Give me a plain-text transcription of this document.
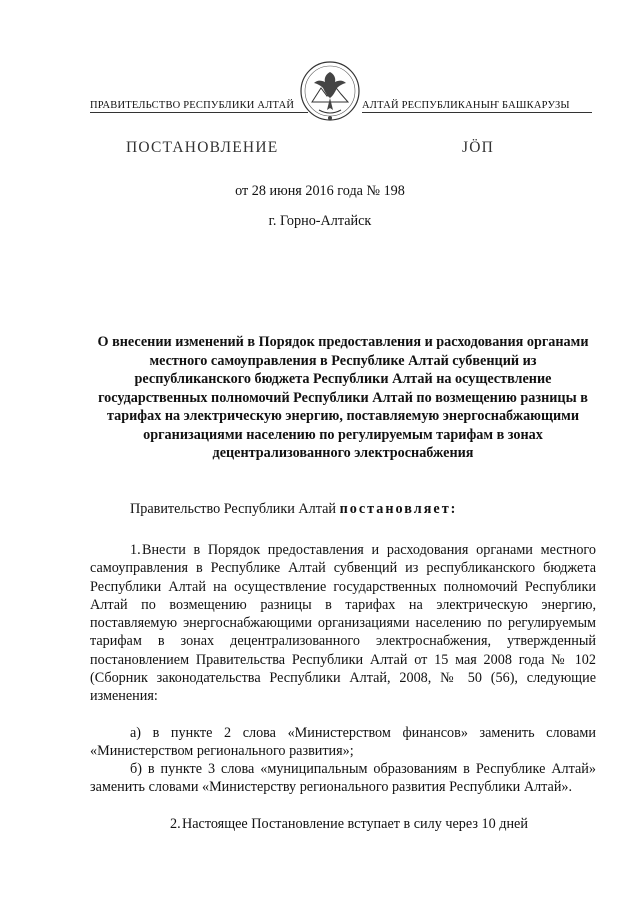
ПРАВИТЕЛЬСТВО РЕСПУБЛИКИ АЛТАЙ	АЛТАЙ РЕСПУБЛИКАНЫҤ БАШКАРУЗЫ
ПОСТАНОВЛЕНИЕ	ЈӦП
от 28 июня 2016 года № 198
г. Горно-Алтайск
О внесении изменений в Порядок предоставления и расходования органами местного самоуправления в Республике Алтай субвенций из республиканского бюджета Республики Алтай на осуществление государственных полномочий Республики Алтай по возмещению разницы в тарифах на электрическую энергию, поставляемую энергоснабжающими организациями населению по регулируемым тарифам в зонах децентрализованного электроснабжения

Правительство Республики Алтай постановляет:

1.Внести в Порядок предоставления и расходования органами местного самоуправления в Республике Алтай субвенций из республиканского бюджета Республики Алтай на осуществление государственных полномочий Республики Алтай по возмещению разницы в тарифах на электрическую энергию, поставляемую энергоснабжающими организациями населению по регулируемым тарифам в зонах децентрализованного электроснабжения, утвержденный постановлением Правительства Республики Алтай от 15 мая 2008 года № 102 (Сборник законодательства Республики Алтай, 2008, № 50 (56), следующие изменения:

а) в пункте 2 слова «Министерством финансов» заменить словами «Министерством регионального развития»;

б) в пункте 3 слова «муниципальным образованиям в Республике Алтай» заменить словами «Министерству регионального развития Республики Алтай».

2.Настоящее Постановление вступает в силу через 10 дней
